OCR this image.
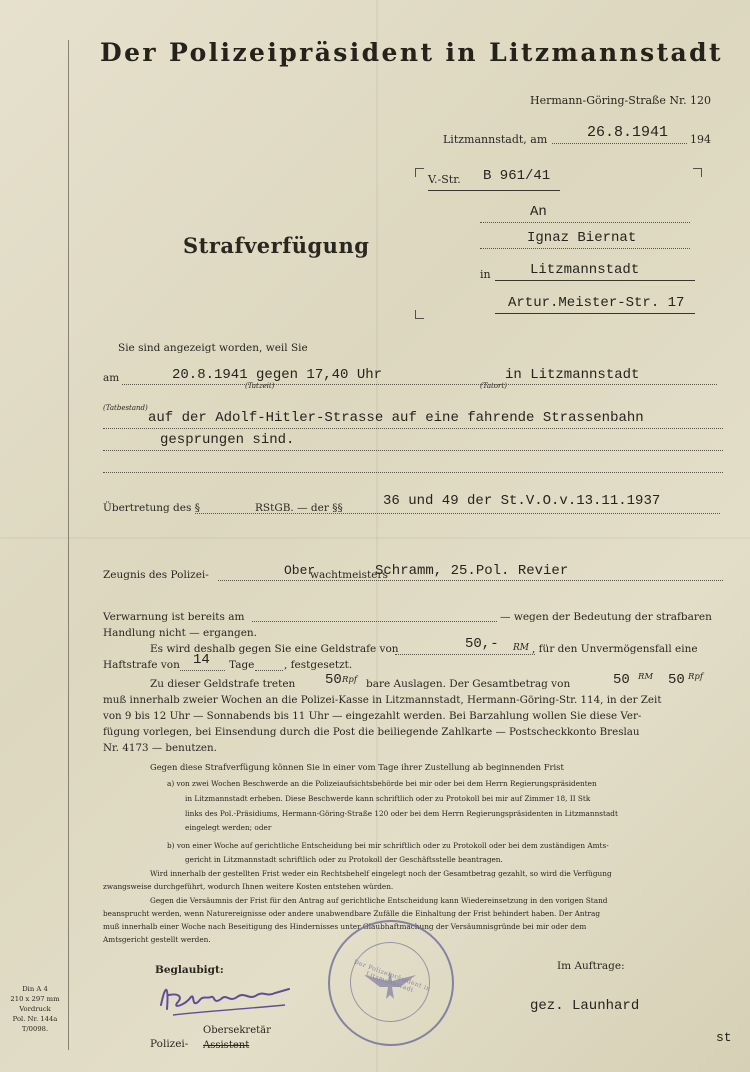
Der Polizeipräsident in Litzmannstadt
Hermann-Göring-Straße Nr. 120
Litzmannstadt, am	26.8.1941 194
V.-Str. B 961/41
Strafverfügung
An
Ignaz Biernat
in	Litzmannstadt
Artur.Meister-Str. 17
Sie sind angezeigt worden, weil Sie
am	20.8.1941 gegen 17,40 Uhr
(Tatzeit)	(Tatort)
in Litzmannstadt
(Tatbestand)
auf der Adolf-Hitler-Strasse auf eine fahrende Strassenbahn
gesprungen sind.
Übertretung des §	RStGB. — der §§	36 und 49 der St.V.O.v.13.11.1937
Zeugnis des Polizei-	Ober
wachtmeisters
Schramm, 25.Pol. Revier
Verwarnung ist bereits am	— wegen der Bedeutung der strafbaren
Handlung nicht — ergangen.
Es wird deshalb gegen Sie eine Geldstrafe von	50,- RM , für den Unvermögensfall eine
Haftstrafe von 14 Tage	, festgesetzt.
Zu dieser Geldstrafe treten 50 Rpf bare Auslagen. Der Gesamtbetrag von	50 RM 50 Rpf
muß innerhalb zweier Wochen an die Polizei-Kasse in Litzmannstadt, Hermann-Göring-Str. 114, in der Zeit
von 9 bis 12 Uhr — Sonnabends bis 11 Uhr — eingezahlt werden. Bei Barzahlung wollen Sie diese Ver-
fügung vorlegen, bei Einsendung durch die Post die beiliegende Zahlkarte — Postscheckkonto Breslau
Nr. 4173 — benutzen.
Gegen diese Strafverfügung können Sie in einer vom Tage ihrer Zustellung ab beginnenden Frist
a) von zwei Wochen Beschwerde an die Polizeiaufsichtsbehörde bei mir oder bei dem Herrn Regierungspräsidenten
in Litzmannstadt erheben. Diese Beschwerde kann schriftlich oder zu Protokoll bei mir auf Zimmer 18, II Stk
links des Pol.-Präsidiums, Hermann-Göring-Straße 120 oder bei dem Herrn Regierungspräsidenten in Litzmannstadt
eingelegt werden; oder
b) von einer Woche auf gerichtliche Entscheidung bei mir schriftlich oder zu Protokoll oder bei dem zuständigen Amts-
gericht in Litzmannstadt schriftlich oder zu Protokoll der Geschäftsstelle beantragen.
Wird innerhalb der gestellten Frist weder ein Rechtsbehelf eingelegt noch der Gesamtbetrag gezahlt, so wird die Verfügung
zwangsweise durchgeführt, wodurch Ihnen weitere Kosten entstehen würden.
Gegen die Versäumnis der Frist für den Antrag auf gerichtliche Entscheidung kann Wiedereinsetzung in den vorigen Stand
beansprucht werden, wenn Naturereignisse oder andere unabwendbare Zufälle die Einhaltung der Frist behindert haben. Der Antrag
muß innerhalb einer Woche nach Beseitigung des Hindernisses unter Glaubhaftmachung der Versäumnisgründe bei mir oder dem
Amtsgericht gestellt werden.
Der Polizeipräsident in Litzmannstadt
Beglaubigt:	Im Auftrage:
gez. Launhard
Polizei-
Obersekretär
Assistent
st
Din A 4
210 x 297 mm
Vordruck
Pol. Nr. 144a
T/0098.
